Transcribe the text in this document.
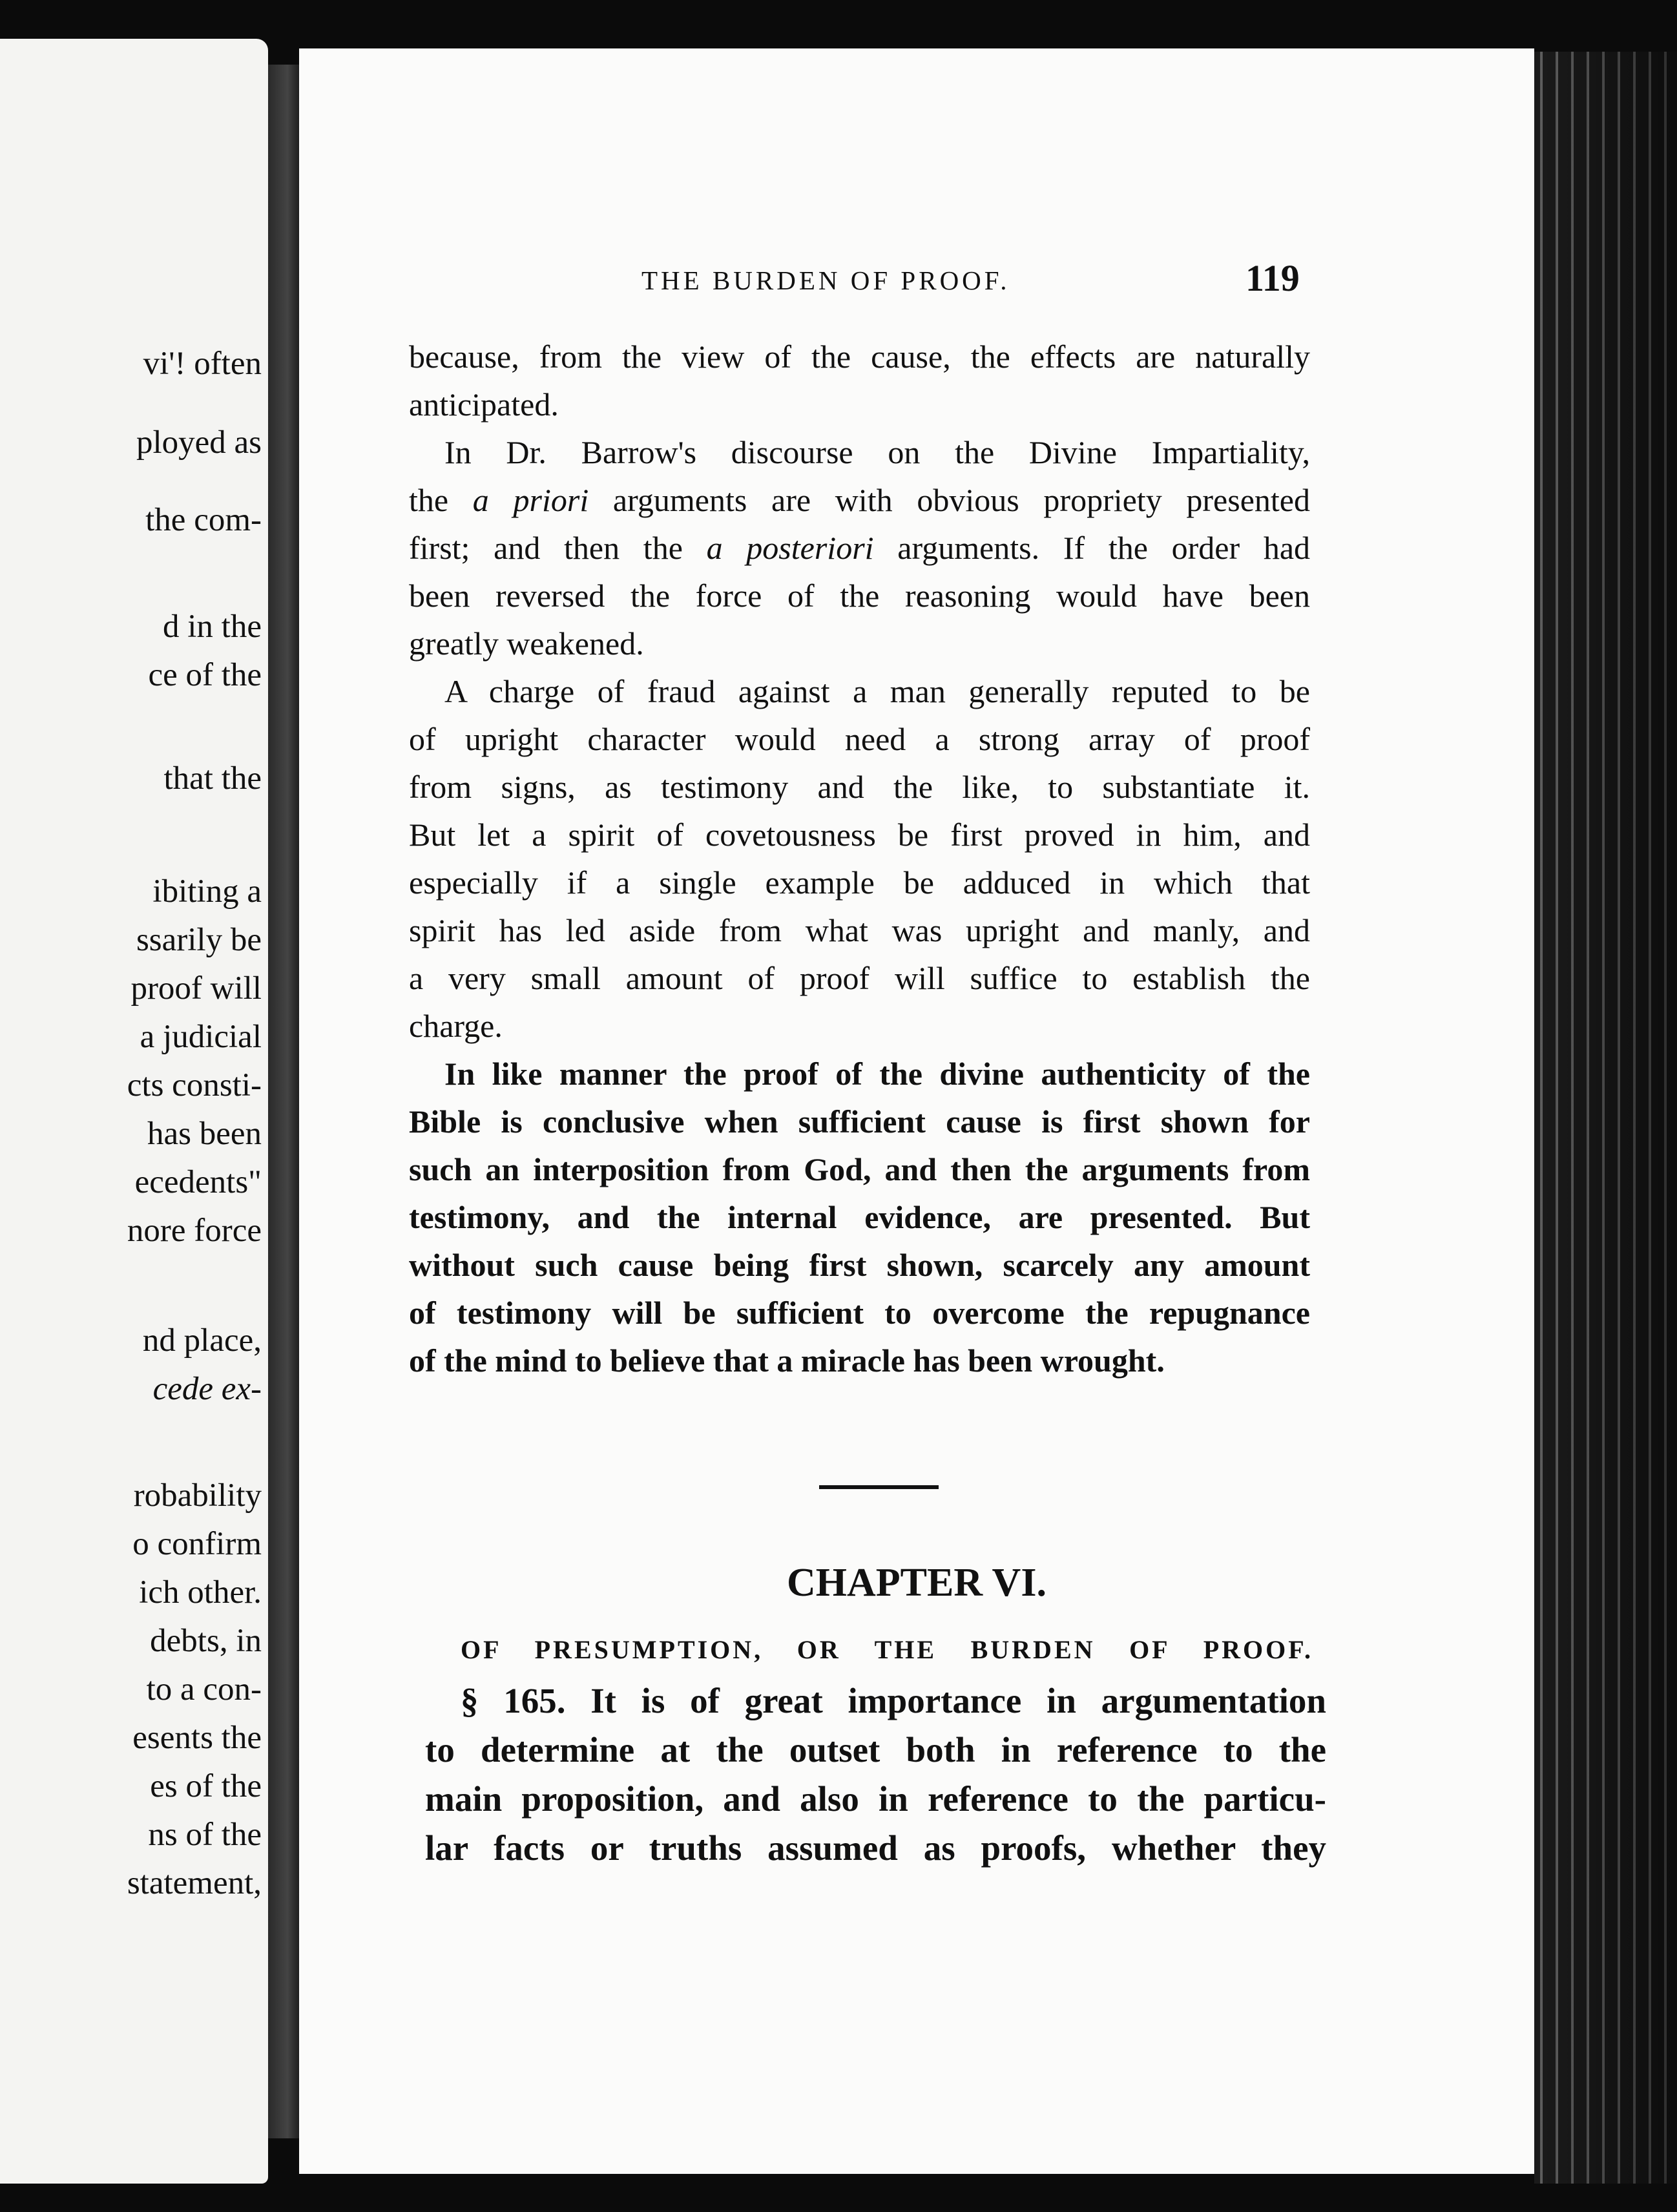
vi'! often
ployed as
the com-
d in the
ce of the
that the
ibiting a
ssarily be
proof will
a judicial
cts consti-
has been
ecedents"
nore force
nd place,
cede ex-
robability
o confirm
ich other.
debts, in
to a con-
esents the
es of the
ns of the
statement,
THE BURDEN OF PROOF.	119
because, from the view of the cause, the effects are naturally
anticipated.
In Dr. Barrow's discourse on the Divine Impartiality,
the a priori arguments are with obvious propriety presented
first; and then the a posteriori arguments. If the order had
been reversed the force of the reasoning would have been
greatly weakened.
A charge of fraud against a man generally reputed to be
of upright character would need a strong array of proof
from signs, as testimony and the like, to substantiate it.
But let a spirit of covetousness be first proved in him, and
especially if a single example be adduced in which that
spirit has led aside from what was upright and manly, and
a very small amount of proof will suffice to establish the
charge.
In like manner the proof of the divine authenticity of the
Bible is conclusive when sufficient cause is first shown for
such an interposition from God, and then the arguments from
testimony, and the internal evidence, are presented. But
without such cause being first shown, scarcely any amount
of testimony will be sufficient to overcome the repugnance
of the mind to believe that a miracle has been wrought.
CHAPTER VI.
OF PRESUMPTION, OR THE BURDEN OF PROOF.
§ 165. It is of great importance in argumentation
to determine at the outset both in reference to the
main proposition, and also in reference to the particu-
lar facts or truths assumed as proofs, whether they
